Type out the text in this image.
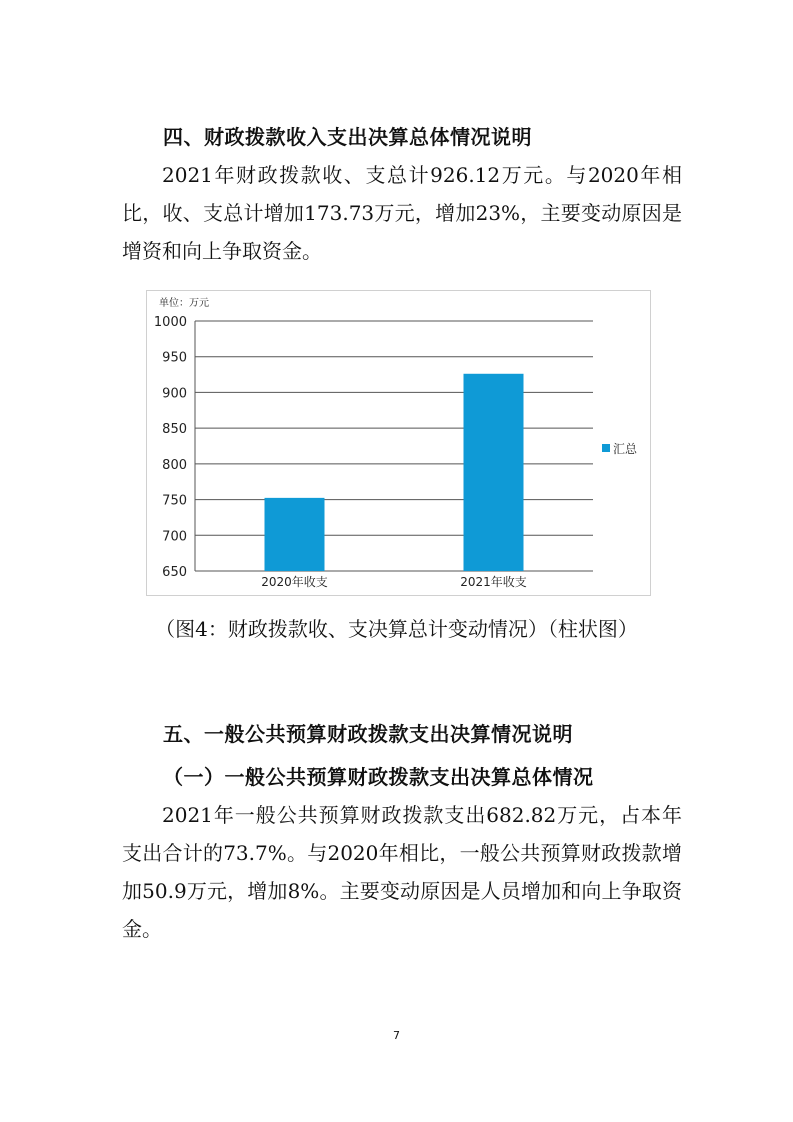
四、财政拨款收入支出决算总体情况说明

2021年财政拨款收、支总计926.12万元。与2020年相比，收、支总计增加173.73万元，增加23%，主要变动原因是增资和向上争取资金。

单位：万元
650
700
750
800
850
900
950
1000
2020年收支	2021年收支
汇总
（图4：财政拨款收、支决算总计变动情况）（柱状图）
五、一般公共预算财政拨款支出决算情况说明
（一）一般公共预算财政拨款支出决算总体情况

2021年一般公共预算财政拨款支出682.82万元，占本年支出合计的73.7%。与2020年相比，一般公共预算财政拨款增加50.9万元，增加8%。主要变动原因是人员增加和向上争取资金。

7
